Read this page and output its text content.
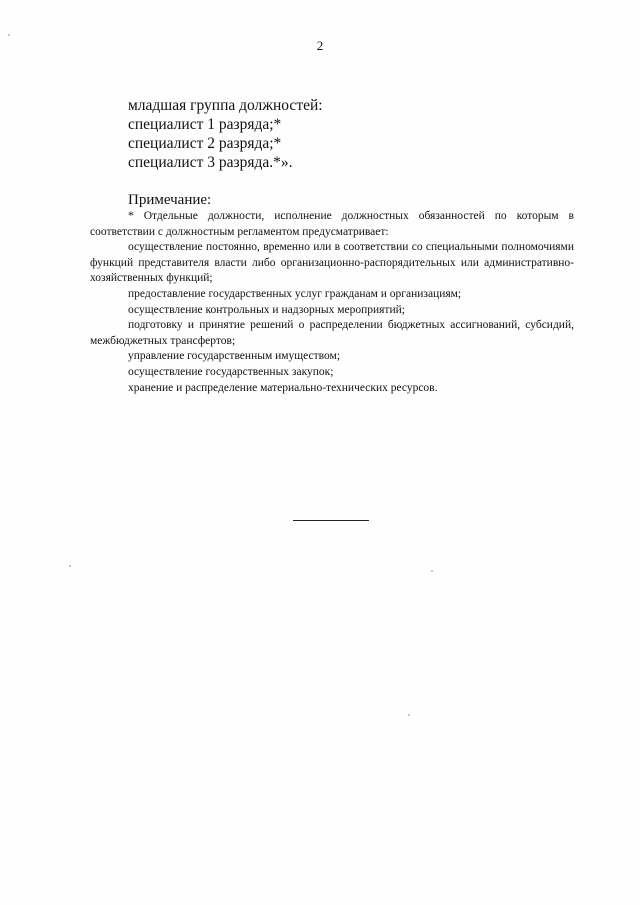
2
младшая группа должностей:
специалист 1 разряда;*
специалист 2 разряда;*
специалист 3 разряда.*».
Примечание:

* Отдельные должности, исполнение должностных обязанностей по которым в соответствии с должностным регламентом предусматривает:

осуществление постоянно, временно или в соответствии со специальными полномочиями функций представителя власти либо организационно-распорядительных или административно-хозяйственных функций;

предоставление государственных услуг гражданам и организациям;

осуществление контрольных и надзорных мероприятий;

подготовку и принятие решений о распределении бюджетных ассигнований, субсидий, межбюджетных трансфертов;

управление государственным имуществом;

осуществление государственных закупок;

хранение и распределение материально-технических ресурсов.
